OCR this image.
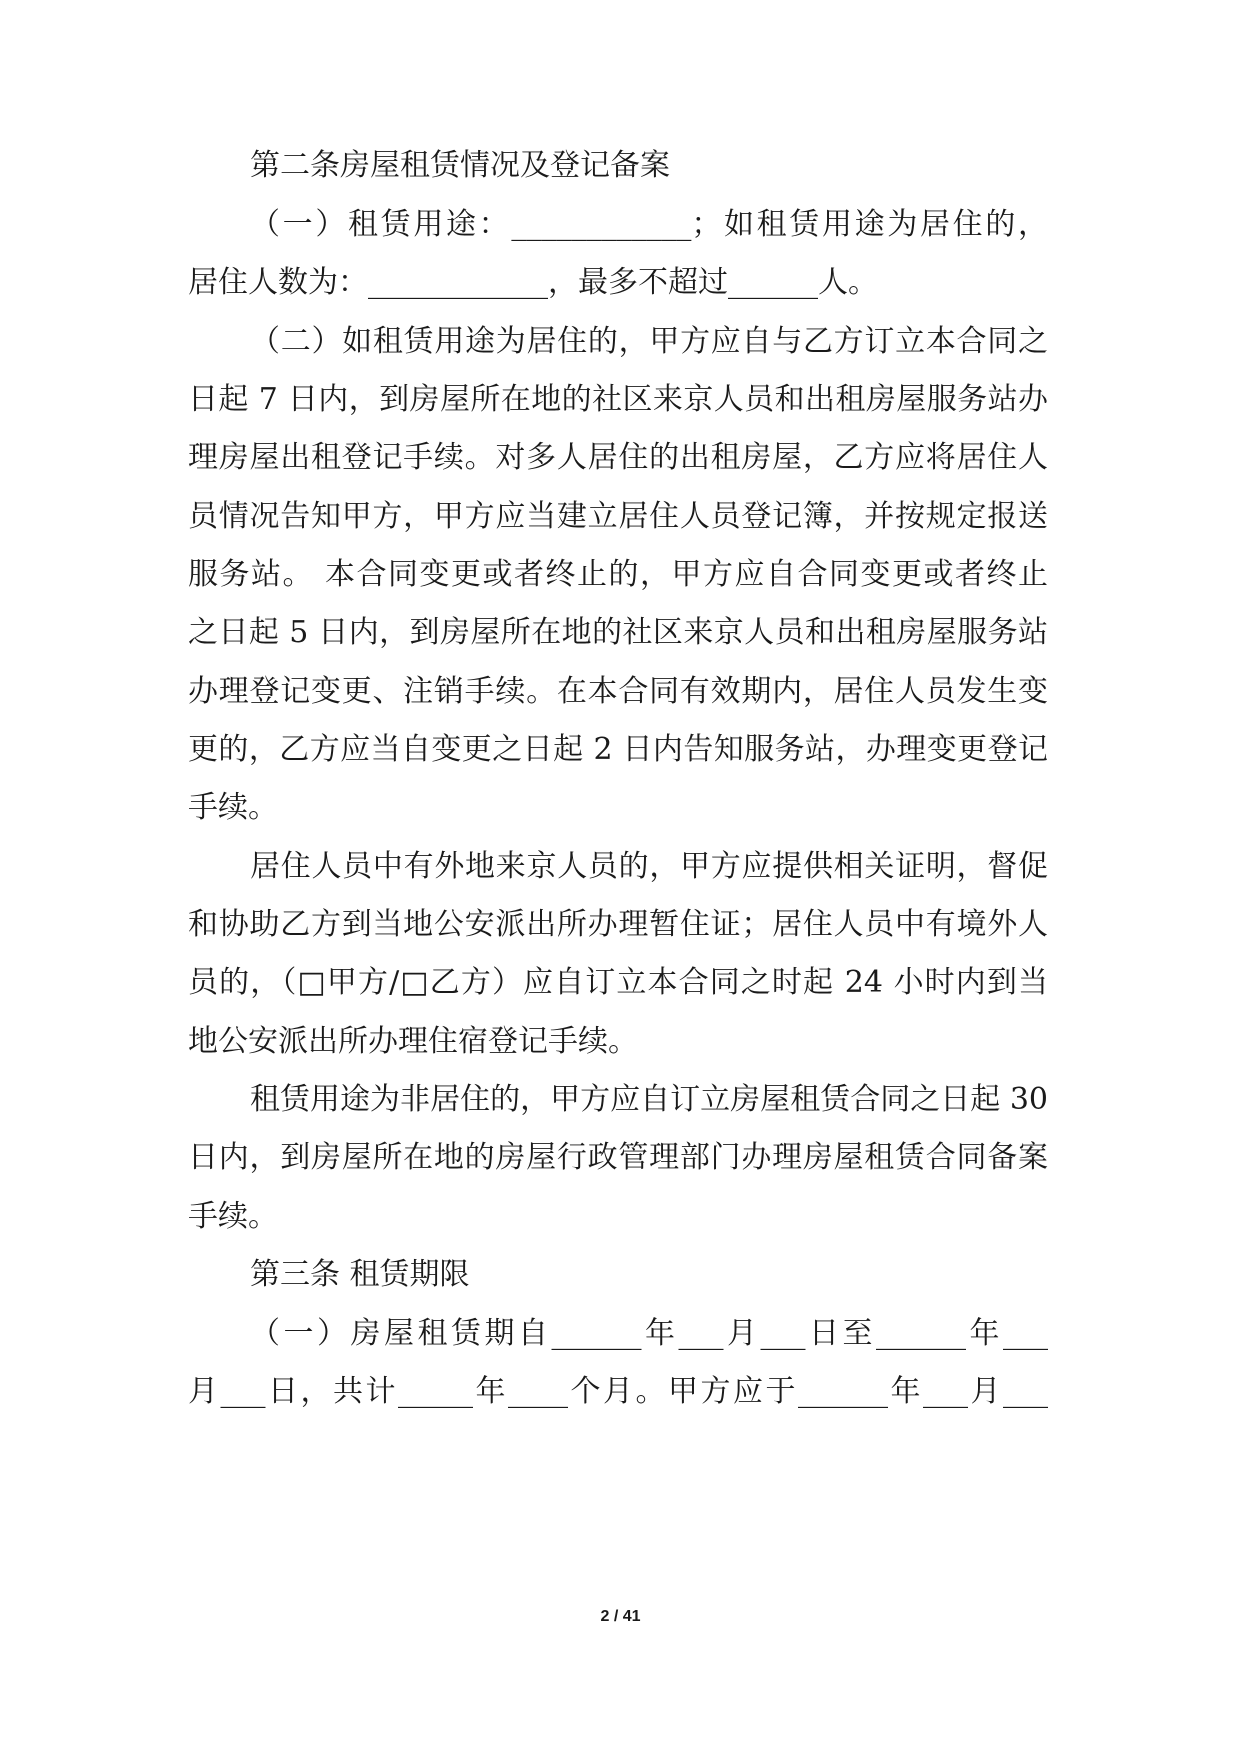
第二条房屋租赁情况及登记备案
（一）租赁用途：____________；如租赁用途为居住的，
居住人数为：____________，最多不超过______人。
（二）如租赁用途为居住的，甲方应自与乙方订立本合同之
日起 7 日内，到房屋所在地的社区来京人员和出租房屋服务站办
理房屋出租登记手续。对多人居住的出租房屋，乙方应将居住人
员情况告知甲方，甲方应当建立居住人员登记簿，并按规定报送
服务站。 本合同变更或者终止的，甲方应自合同变更或者终止
之日起 5 日内，到房屋所在地的社区来京人员和出租房屋服务站
办理登记变更、注销手续。在本合同有效期内，居住人员发生变
更的，乙方应当自变更之日起 2 日内告知服务站，办理变更登记
手续。
居住人员中有外地来京人员的，甲方应提供相关证明，督促
和协助乙方到当地公安派出所办理暂住证；居住人员中有境外人
员的，（□甲方/□乙方）应自订立本合同之时起 24 小时内到当
地公安派出所办理住宿登记手续。
租赁用途为非居住的，甲方应自订立房屋租赁合同之日起 30
日内，到房屋所在地的房屋行政管理部门办理房屋租赁合同备案
手续。
第三条 租赁期限
（一）房屋租赁期自______年___月___日至______年___
月___日，共计_____年____个月。甲方应于______年___月___
2 / 41
